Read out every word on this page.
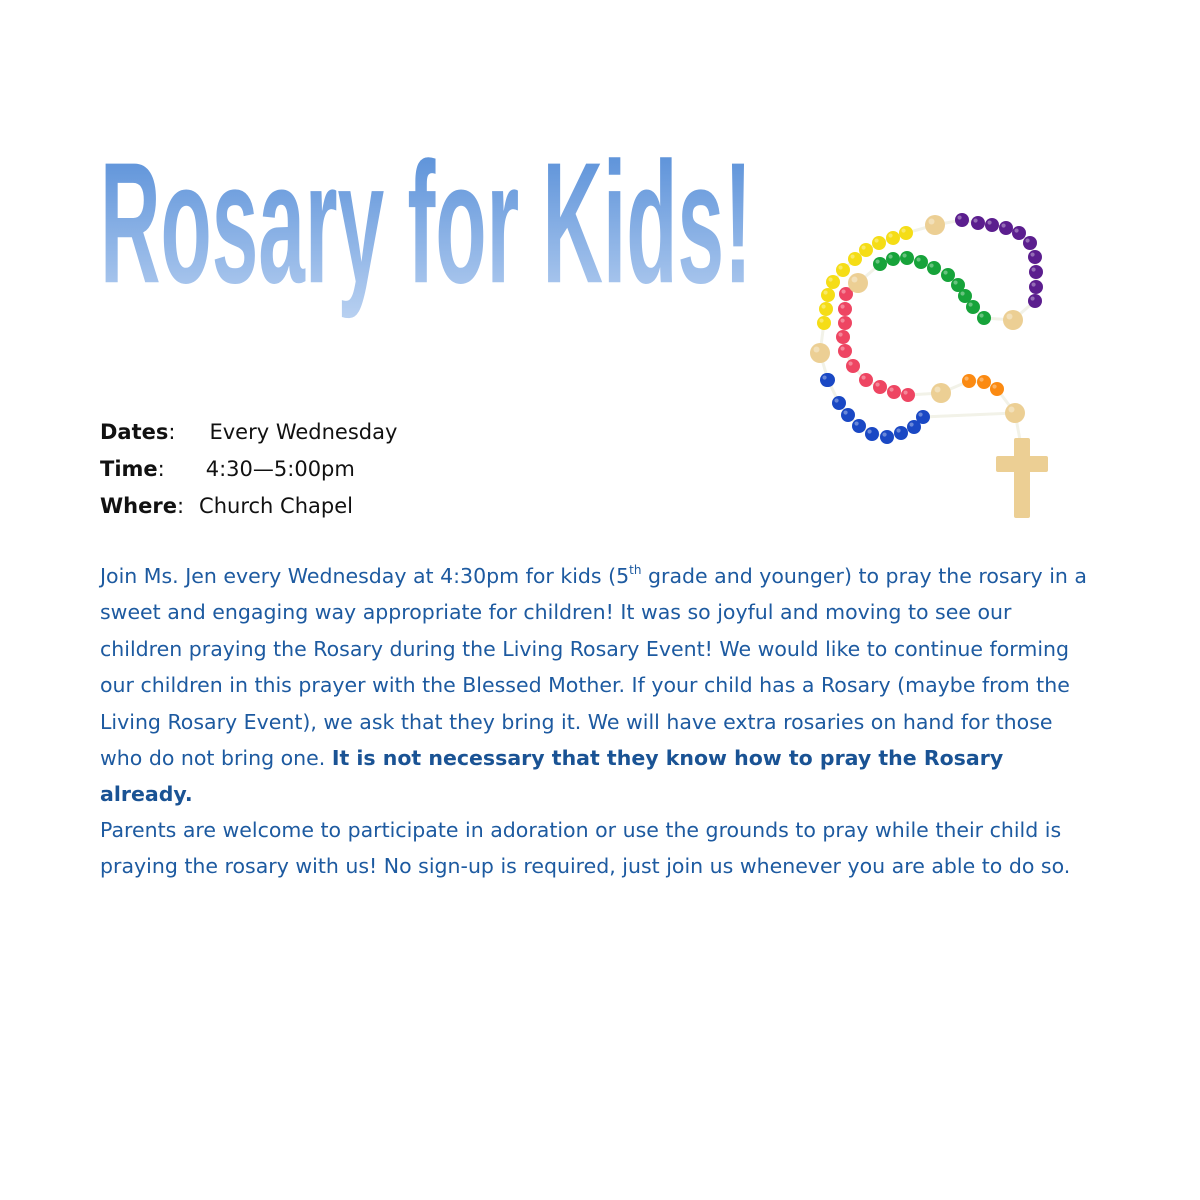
Rosary for Kids!
Dates: Every Wednesday
Time: 4:30—5:00pm
Where: Church Chapel

Join Ms. Jen every Wednesday at 4:30pm for kids (5th grade and younger) to pray the rosary in a sweet and engaging way appropriate for children! It was so joyful and moving to see our children praying the Rosary during the Living Rosary Event! We would like to continue forming our children in this prayer with the Blessed Mother. If your child has a Rosary (maybe from the Living Rosary Event), we ask that they bring it. We will have extra rosaries on hand for those who do not bring one. It is not necessary that they know how to pray the Rosary already.

Parents are welcome to participate in adoration or use the grounds to pray while their child is praying the rosary with us! No sign-up is required, just join us whenever you are able to do so.
